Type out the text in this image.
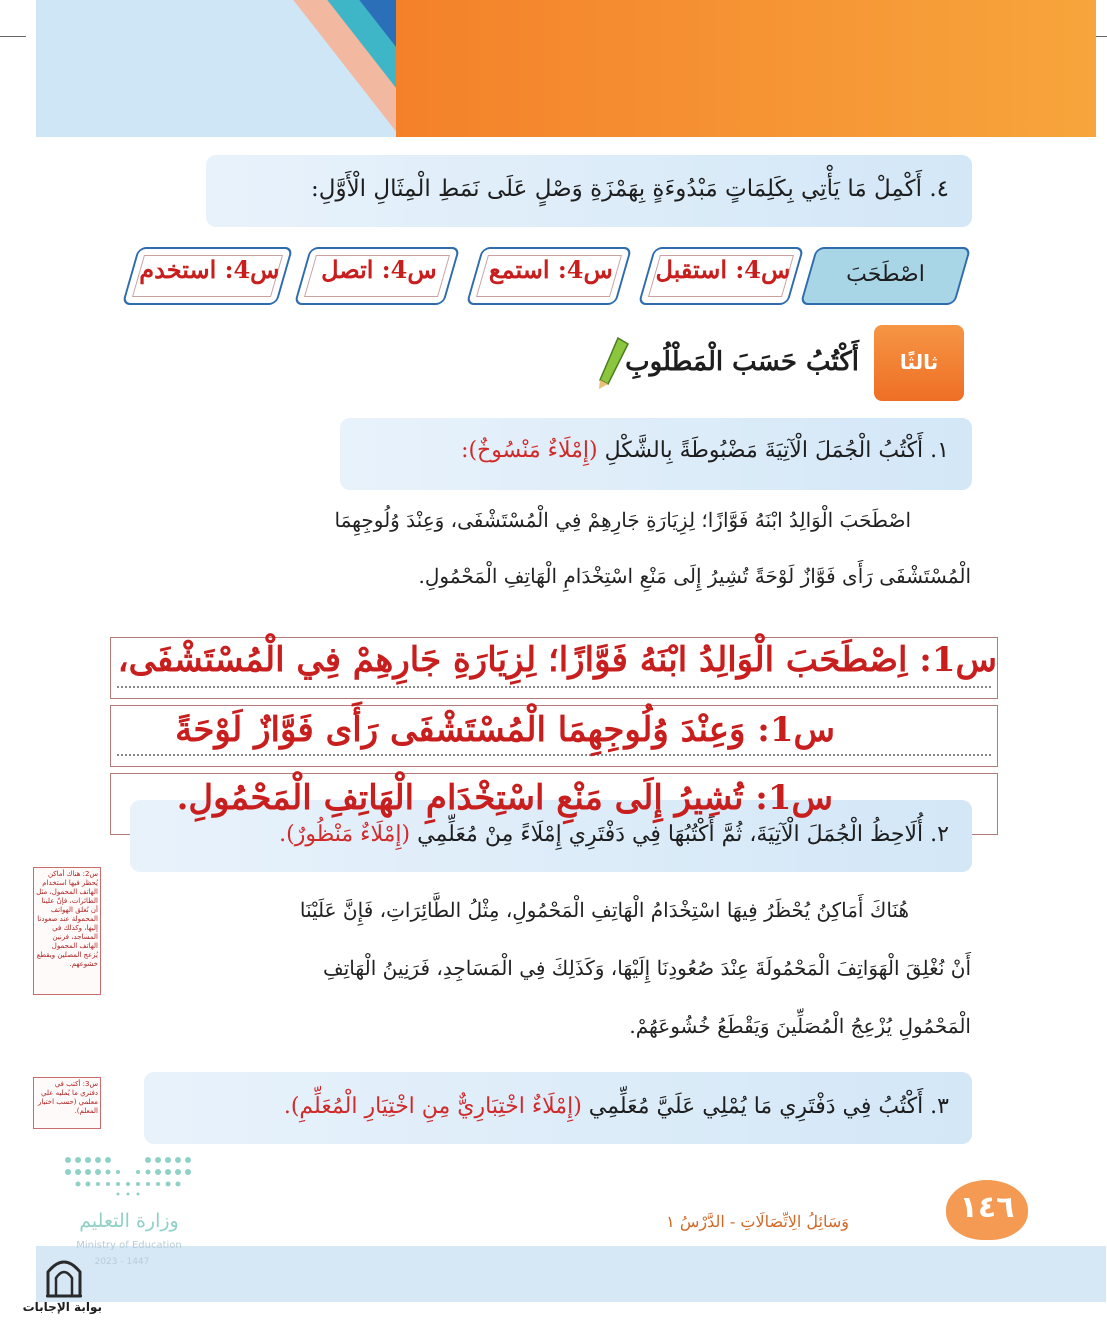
٤. أَكْمِلْ مَا يَأْتِي بِكَلِمَاتٍ مَبْدُوءَةٍ بِهَمْزَةِ وَصْلٍ عَلَى نَمَطِ الْمِثَالِ الْأَوَّلِ:
اصْطَحَبَ
س4: استقبل
س4: استمع
س4: اتصل
س4: استخدم
ثالثًا
أَكْتُبُ حَسَبَ الْمَطْلُوبِ
١. أَكْتُبُ الْجُمَلَ الْآتِيَةَ مَضْبُوطَةً بِالشَّكْلِ (إِمْلَاءٌ مَنْسُوخٌ):
اصْطَحَبَ الْوَالِدُ ابْنَهُ فَوَّازًا؛ لِزِيَارَةِ جَارِهِمْ فِي الْمُسْتَشْفَى، وَعِنْدَ وُلُوجِهِمَا
الْمُسْتَشْفَى رَأَى فَوَّازٌ لَوْحَةً تُشِيرُ إِلَى مَنْعِ اسْتِخْدَامِ الْهَاتِفِ الْمَحْمُولِ.
س1: اِصْطَحَبَ الْوَالِدُ ابْنَهُ فَوَّازًا؛ لِزِيَارَةِ جَارِهِمْ فِي الْمُسْتَشْفَى،
س1: وَعِنْدَ وُلُوجِهِمَا الْمُسْتَشْفَى رَأَى فَوَّازٌ لَوْحَةً
٢. أُلَاحِظُ الْجُمَلَ الْآتِيَةَ، ثُمَّ أَكْتُبُهَا فِي دَفْتَرِي إِمْلَاءً مِنْ مُعَلِّمِي (إِمْلَاءٌ مَنْظُورٌ).
س1: تُشِيرُ إِلَى مَنْعِ اسْتِخْدَامِ الْهَاتِفِ الْمَحْمُولِ.
هُنَاكَ أَمَاكِنُ يُحْظَرُ فِيهَا اسْتِخْدَامُ الْهَاتِفِ الْمَحْمُولِ، مِثْلُ الطَّائِرَاتِ، فَإِنَّ عَلَيْنَا
أَنْ نُغْلِقَ الْهَوَاتِفَ الْمَحْمُولَةَ عِنْدَ صُعُودِنَا إِلَيْهَا، وَكَذَلِكَ فِي الْمَسَاجِدِ، فَرَنِينُ الْهَاتِفِ
الْمَحْمُولِ يُزْعِجُ الْمُصَلِّينَ وَيَقْطَعُ خُشُوعَهُمْ.
س2: هناك أماكن يُحظر فيها استخدام الهاتف المحمول، مثل الطائرات، فإنّ علينا أن نُغلق الهواتف المحمولة عند صعودنا إليها، وكذلك في المساجد، فرنين الهاتف المحمول يُزعج المصلين ويقطع خشوعهم.
٣. أَكْتُبُ فِي دَفْتَرِي مَا يُمْلِي عَلَيَّ مُعَلِّمِي (إِمْلَاءٌ اخْتِبَارِيٌّ مِنِ اخْتِيَارِ الْمُعَلِّمِ).
س3: أكتب في دفتري ما يُمليه علي معلمي (حسب اختيار المعلم).
وزارة التعليم
Ministry of Education
2023 - 1447
وَسَائِلُ الِاتِّصَالَاتِ - الدَّرْسُ ١	١٤٦
بوابة الإجابات
